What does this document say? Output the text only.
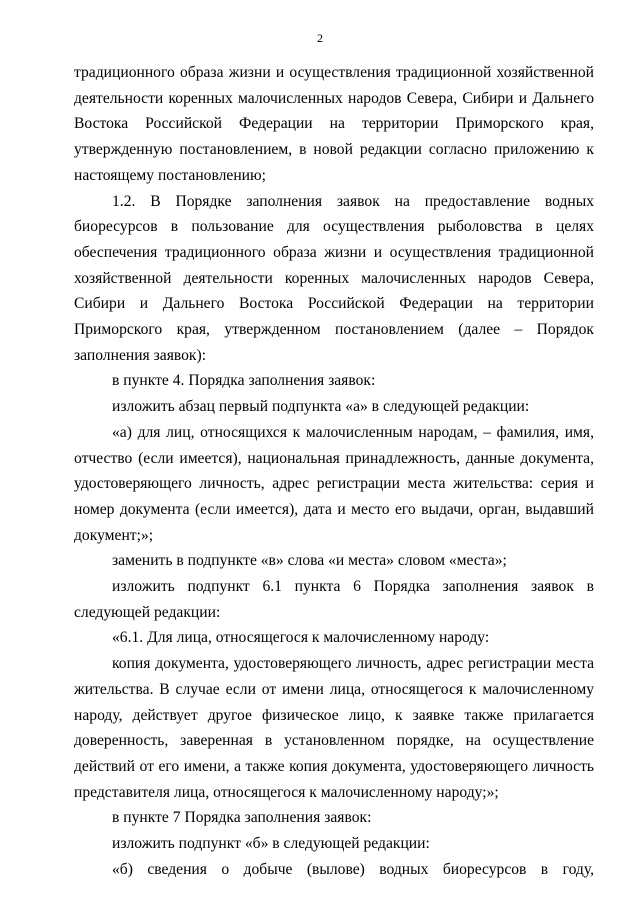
2

традиционного образа жизни и осуществления традиционной хозяйственной деятельности коренных малочисленных народов Севера, Сибири и Дальнего Востока Российской Федерации на территории Приморского края, утвержденную постановлением, в новой редакции согласно приложению к настоящему постановлению;

1.2. В Порядке заполнения заявок на предоставление водных биоресурсов в пользование для осуществления рыболовства в целях обеспечения традиционного образа жизни и осуществления традиционной хозяйственной деятельности коренных малочисленных народов Севера, Сибири и Дальнего Востока Российской Федерации на территории Приморского края, утвержденном постановлением (далее – Порядок заполнения заявок):

в пункте 4. Порядка заполнения заявок:

изложить абзац первый подпункта «а» в следующей редакции:

«а) для лиц, относящихся к малочисленным народам, – фамилия, имя, отчество (если имеется), национальная принадлежность, данные документа, удостоверяющего личность, адрес регистрации места жительства: серия и номер документа (если имеется), дата и место его выдачи, орган, выдавший документ;»;

заменить в подпункте «в» слова «и места» словом «места»;

изложить подпункт 6.1 пункта 6 Порядка заполнения заявок в следующей редакции:

«6.1. Для лица, относящегося к малочисленному народу:

копия документа, удостоверяющего личность, адрес регистрации места жительства. В случае если от имени лица, относящегося к малочисленному народу, действует другое физическое лицо, к заявке также прилагается доверенность, заверенная в установленном порядке, на осуществление действий от его имени, а также копия документа, удостоверяющего личность представителя лица, относящегося к малочисленному народу;»;

в пункте 7 Порядка заполнения заявок:

изложить подпункт «б» в следующей редакции:

«б) сведения о добыче (вылове) водных биоресурсов в году,
